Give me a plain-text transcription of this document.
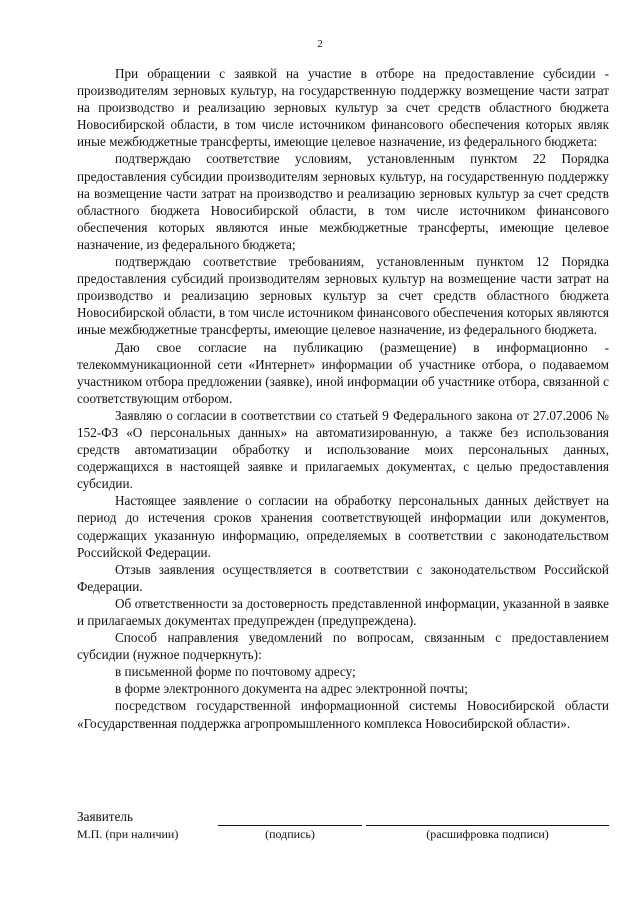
2

При обращении с заявкой на участие в отборе на предоставление субсидии - производителям зерновых культур, на государственную поддержку возмещение части затрат на производство и реализацию зерновых культур за счет средств областного бюджета Новосибирской области, в том числе источником финансового обеспечения которых являк иные межбюджетные трансферты, имеющие целевое назначение, из федерального бюджета:

подтверждаю соответствие условиям, установленным пунктом 22 Порядка предоставления субсидии производителям зерновых культур, на государственную поддержку на возмещение части затрат на производство и реализацию зерновых культур за счет средств областного бюджета Новосибирской области, в том числе источником финансового обеспечения которых являются иные межбюджетные трансферты, имеющие целевое назначение, из федерального бюджета;

подтверждаю соответствие требованиям, установленным пунктом 12 Порядка предоставления субсидий производителям зерновых культур на возмещение части затрат на производство и реализацию зерновых культур за счет средств областного бюджета Новосибирской области, в том числе источником финансового обеспечения которых являются иные межбюджетные трансферты, имеющие целевое назначение, из федерального бюджета.

Даю свое согласие на публикацию (размещение) в информационно - телекоммуникационной сети «Интернет» информации об участнике отбора, о подаваемом участником отбора предложении (заявке), иной информации об участнике отбора, связанной с соответствующим отбором.

Заявляю о согласии в соответствии со статьей 9 Федерального закона от 27.07.2006 № 152-ФЗ «О персональных данных» на автоматизированную, а также без использования средств автоматизации обработку и использование моих персональных данных, содержащихся в настоящей заявке и прилагаемых документах, с целью предоставления субсидии.

Настоящее заявление о согласии на обработку персональных данных действует на период до истечения сроков хранения соответствующей информации или документов, содержащих указанную информацию, определяемых в соответствии с законодательством Российской Федерации.

Отзыв заявления осуществляется в соответствии с законодательством Российской Федерации.

Об ответственности за достоверность представленной информации, указанной в заявке и прилагаемых документах предупрежден (предупреждена).

Способ направления уведомлений по вопросам, связанным с предоставлением субсидии (нужное подчеркнуть):

в письменной форме по почтовому адресу;

в форме электронного документа на адрес электронной почты;

посредством государственной информационной системы Новосибирской области «Государственная поддержка агропромышленного комплекса Новосибирской области».

Заявитель
М.П. (при наличии)	(подпись)	(расшифровка подписи)
